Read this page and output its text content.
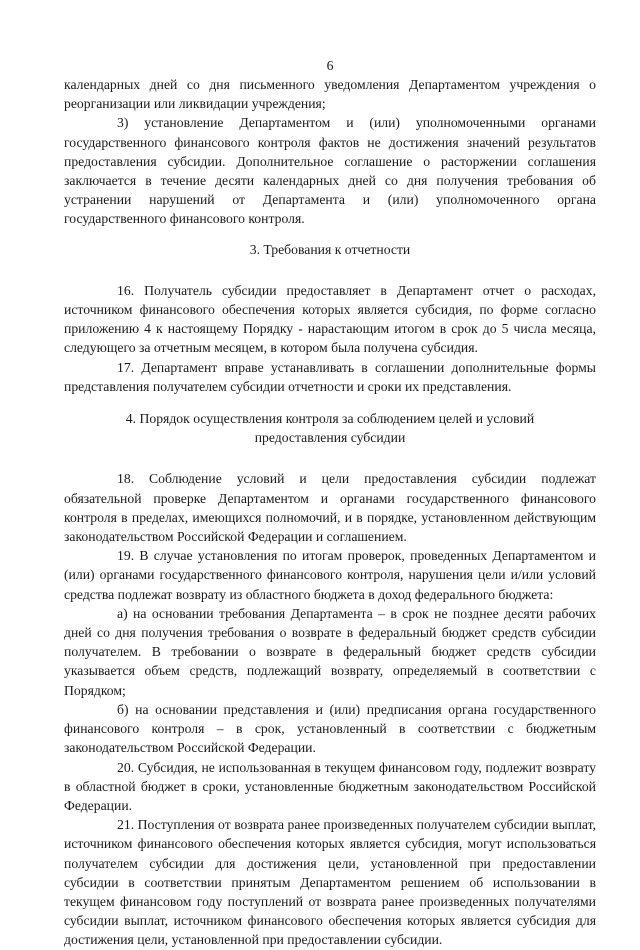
6

календарных дней со дня письменного уведомления Департаментом учреждения о реорганизации или ликвидации учреждения;

3) установление Департаментом и (или) уполномоченными органами государственного финансового контроля фактов не достижения значений результатов предоставления субсидии. Дополнительное соглашение о расторжении соглашения заключается в течение десяти календарных дней со дня получения требования об устранении нарушений от Департамента и (или) уполномоченного органа государственного финансового контроля.

3. Требования к отчетности

16. Получатель субсидии предоставляет в Департамент отчет о расходах, источником финансового обеспечения которых является субсидия, по форме согласно приложению 4 к настоящему Порядку - нарастающим итогом в срок до 5 числа месяца, следующего за отчетным месяцем, в котором была получена субсидия.

17. Департамент вправе устанавливать в соглашении дополнительные формы представления получателем субсидии отчетности и сроки их представления.

4. Порядок осуществления контроля за соблюдением целей и условий
предоставления субсидии

18. Соблюдение условий и цели предоставления субсидии подлежат обязательной проверке Департаментом и органами государственного финансового контроля в пределах, имеющихся полномочий, и в порядке, установленном действующим законодательством Российской Федерации и соглашением.

19. В случае установления по итогам проверок, проведенных Департаментом и (или) органами государственного финансового контроля, нарушения цели и/или условий средства подлежат возврату из областного бюджета в доход федерального бюджета:

а) на основании требования Департамента – в срок не позднее десяти рабочих дней со дня получения требования о возврате в федеральный бюджет средств субсидии получателем. В требовании о возврате в федеральный бюджет средств субсидии указывается объем средств, подлежащий возврату, определяемый в соответствии с Порядком;

б) на основании представления и (или) предписания органа государственного финансового контроля – в срок, установленный в соответствии с бюджетным законодательством Российской Федерации.

20. Субсидия, не использованная в текущем финансовом году, подлежит возврату в областной бюджет в сроки, установленные бюджетным законодательством Российской Федерации.

21. Поступления от возврата ранее произведенных получателем субсидии выплат, источником финансового обеспечения которых является субсидия, могут использоваться получателем субсидии для достижения цели, установленной при предоставлении субсидии в соответствии принятым Департаментом решением об использовании в текущем финансовом году поступлений от возврата ранее произведенных получателями субсидии выплат, источником финансового обеспечения которых является субсидия для достижения цели, установленной при предоставлении субсидии.
